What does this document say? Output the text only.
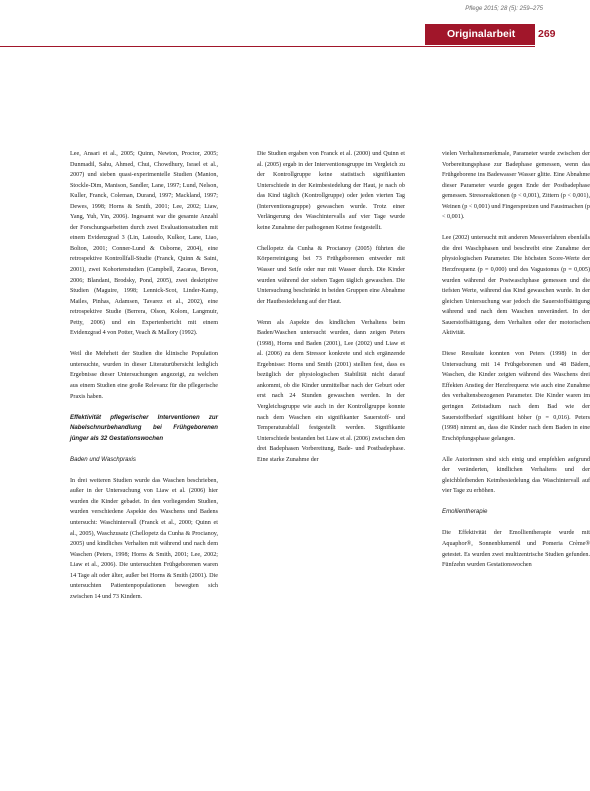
Pflege 2015; 28 (5): 259–275
Originalarbeit	269

Lee, Ansari et al., 2005; Quinn, Newton, Proctor, 2005; Dunmadil, Sahu, Ahmed, Chui, Chowdhury, Israel et al., 2007) und sieben quasi-experimentelle Studien (Manion, Stockle-Dim, Manison, Sandler, Lane, 1997; Lund, Nelson, Kuller, Franck, Coleman, Durand, 1997; Mackland, 1997; Dewes, 1998; Horns & Smith, 2001; Lee, 2002; Liaw, Yang, Yuh, Yin, 2006). Ingesamt war die gesamte Anzahl der Forschungsarbeiten durch zwei Evaluationsstudien mit einem Evidenzgrad 3 (Lin, Latoudo, Kulkor, Lane, Liao, Bolton, 2001; Conner-Lund & Osborne, 2004), eine retrospektive Kontrollfall-Studie (Franck, Quinn & Saini, 2001), zwei Kohortenstudien (Campbell, Zacaras, Bevon, 2006; Blandani, Brodsky, Pond, 2005), zwei deskriptive Studien (Maguire, 1998; Lennick-Scot, Linder-Kamp, Mailes, Pinhas, Adamsen, Tavarez et al., 2002), eine retrospektive Studie (Berrera, Olson, Kolom, Langmuir, Petty, 2006) und ein Expertenbericht mit einem Evidenzgrad 4 von Potter, Veach & Mallory (1992).

Weil die Mehrheit der Studien die klinische Population untersuchte, wurden in dieser Literaturübersicht lediglich Ergebnisse dieser Untersuchungen angezeigt, zu welchen aus einem Studien eine große Relevanz für die pflegerische Praxis haben.

Effektivität pflegerischer Interventionen zur Nabelschnurbehandlung bei Frühgeborenen jünger als 32 Gestationswochen

Baden und Waschpraxis

In drei weiteren Studien wurde das Waschen beschrieben, außer in der Untersuchung von Liaw et al. (2006) hier wurden die Kinder gebadet. In den vorliegenden Studien, wurden verschiedene Aspekte des Waschens und Badens untersucht: Waschintervall (Franck et al., 2000; Quinn et al., 2005), Waschzusatz (Chellopetz da Cunha & Procianoy, 2005) und kindliches Verhalten mit während und nach dem Waschen (Peters, 1998; Horns & Smith, 2001; Lee, 2002; Liaw et al., 2006). Die untersuchten Frühgeborenen waren 14 Tage alt oder älter, außer bei Horns & Smith (2001). Die untersuchten Patientenpopulationen bewegten sich zwischen 14 und 73 Kindern.

Die Studien ergaben von Franck et al. (2000) und Quinn et al. (2005) ergab in der Interventionsgruppe im Vergleich zu der Kontrollgruppe keine statistisch signifikanten Unterschiede in der Keimbesiedelung der Haut, je nach ob das Kind täglich (Kontrollgruppe) oder jeden vierten Tag (Interventionsgruppe) gewaschen wurde. Trotz einer Verlängerung des Waschintervalls auf vier Tage wurde keine Zunahme der pathogenen Keime festgestellt.

Chellopetz da Cunha & Procianoy (2005) führten die Körperreinigung bei 73 Frühgeborenen entweder mit Wasser und Seife oder nur mit Wasser durch. Die Kinder wurden während der sieben Tagen täglich gewaschen. Die Untersuchung beschränkt in beiden Gruppen eine Abnahme der Hautbesiedelung auf der Haut.

Wenn als Aspekte des kindlichen Verhaltens beim Baden/Waschen untersucht wurden, dann zeigen Peters (1998), Horns und Baden (2001), Lee (2002) und Liaw et al. (2006) zu dem Stressor konkrete und sich ergänzende Ergebnisse: Horns und Smith (2001) stellten fest, dass es bezüglich der physiologischen Stabilität nicht darauf ankommt, ob die Kinder unmittelbar nach der Geburt oder erst nach 24 Stunden gewaschen werden. In der Vergleichsgruppe wie auch in der Kontrollgruppe konnte nach dem Waschen ein signifikanter Sauerstoff- und Temperaturabfall festgestellt werden. Signifikante Unterschiede bestanden bei Liaw et al. (2006) zwischen den drei Badephasen Vorbereitung, Bade- und Postbadephase. Eine starke Zunahme der

vielen Verhaltensmerkmale, Parameter wurde zwischen der Vorbereitungsphase zur Badephase gemessen, wenn das Frühgeborene ins Badewasser Wasser glitte. Eine Abnahme dieser Parameter wurde gegen Ende der Postbadephase gemessen. Stressreaktionen (p < 0,001), Zittern (p < 0,001), Weinen (p < 0,001) und Fingerspreizen und Faustmachen (p < 0,001).

Lee (2002) untersucht mit anderen Messverfahren ebenfalls die drei Waschphasen und beschreibt eine Zunahme der physiologischen Parameter. Die höchsten Score-Werte der Herzfrequenz (p = 0,000) und des Vagustonus (p = 0,005) wurden während der Postwaschphase gemessen und die tiefsten Werte, während das Kind gewaschen wurde. In der gleichen Untersuchung war jedoch die Sauerstoffsättigung während und nach dem Waschen unverändert. In der Sauerstoffsättigung, dem Verhalten oder der motorischen Aktivität.

Diese Resultate konnten von Peters (1998) in der Untersuchung mit 14 Frühgeborenen und 48 Bädern, Waschen, die Kinder zeigten während des Waschens drei Effekten Anstieg der Herzfrequenz wie auch eine Zunahme des verhaltensbezogenen Parameter. Die Kinder waren im geringen Zeitstadium nach dem Bad wie der Sauerstoffbedarf signifikant höher (p = 0,016). Peters (1998) nimmt an, dass die Kinder nach dem Baden in eine Erschöpfungsphase gelangen.

Alle Autorinnen sind sich einig und empfehlen aufgrund der veränderten, kindlichen Verhaltens und der gleichbleibenden Keimbesiedelung das Waschintervall auf vier Tage zu erhöhen.

Emollientherapie

Die Effektivität der Emollientherapie wurde mit Aquaphor®, Sonnenblumenöl und Pomeria Crème® getestet. Es wurden zwei multizentrische Studien gefunden. Fünfzehn wurden Gestationswochen
